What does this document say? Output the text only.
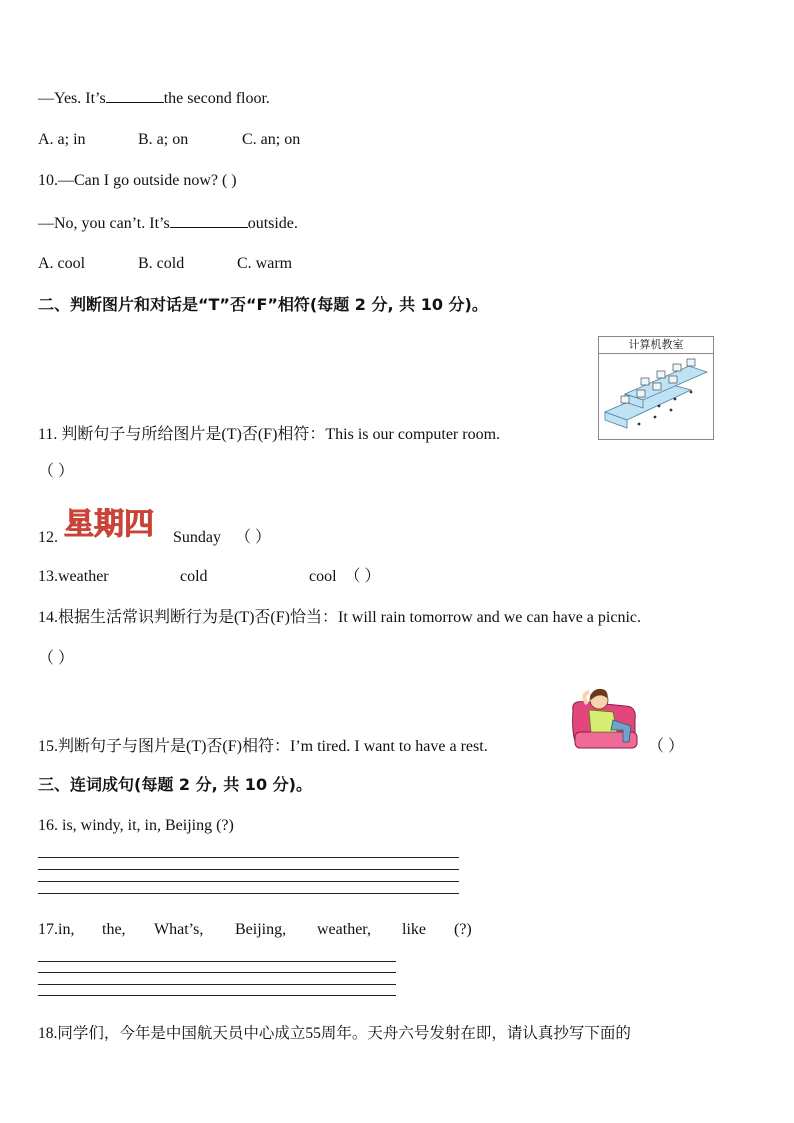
—Yes. It’s	the second floor.
A. a; in	B. a; on	C. an; on
10.—Can I go outside now? ( )
—No, you can’t. It’s	outside.
A. cool	B. cold	C. warm
二、判断图片和对话是“T”否“F”相符(每题 2 分, 共 10 分)。
计算机教室
11. 判断句子与所给图片是(T)否(F)相符：This is our computer room.
（ ）
12. 星期四 Sunday （ ）
13.weather	cold	cool （ ）
14.根据生活常识判断行为是(T)否(F)恰当：It will rain tomorrow and we can have a picnic.
（ ）
15.判断句子与图片是(T)否(F)相符：I’m tired. I want to have a rest.	（ ）
三、连词成句(每题 2 分, 共 10 分)。
16. is, windy, it, in, Beijing (?)
17.in, the, What’s, Beijing, weather, like (?)
18.同学们，今年是中国航天员中心成立55周年。天舟六号发射在即，请认真抄写下面的
